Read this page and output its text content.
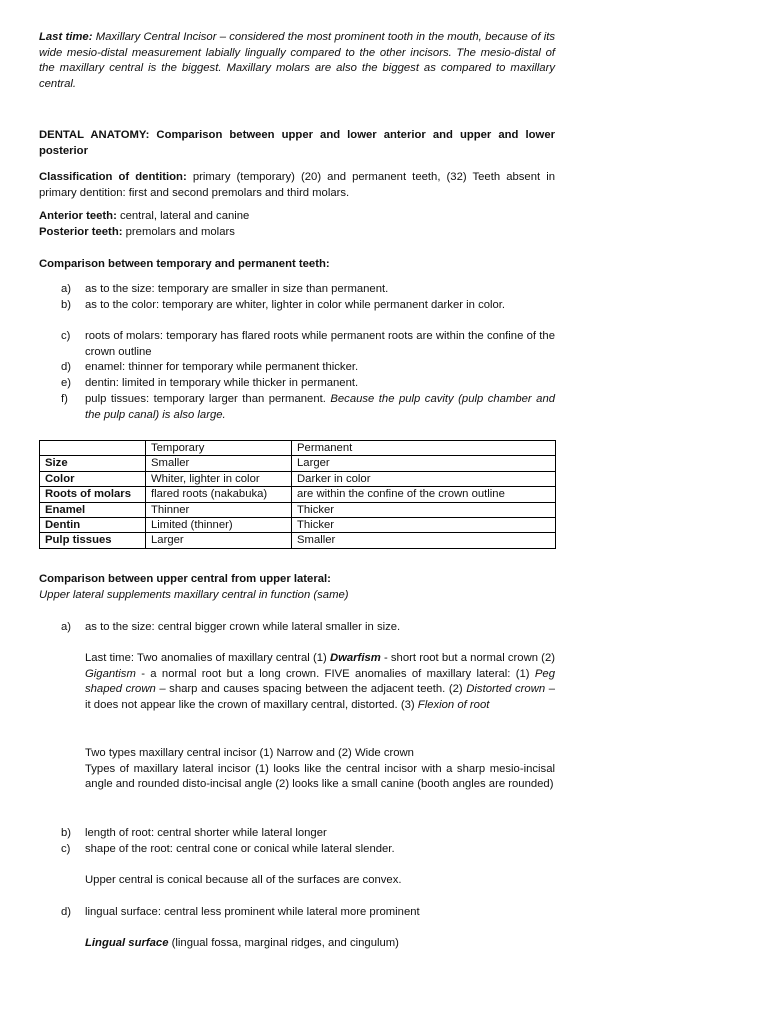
Last time: Maxillary Central Incisor – considered the most prominent tooth in the mouth, because of its wide mesio-distal measurement labially lingually compared to the other incisors. The mesio-distal of the maxillary central is the biggest. Maxillary molars are also the biggest as compared to maxillary central.

DENTAL ANATOMY: Comparison between upper and lower anterior and upper and lower posterior

Classification of dentition: primary (temporary) (20) and permanent teeth, (32) Teeth absent in primary dentition: first and second premolars and third molars.

Anterior teeth: central, lateral and canine

Posterior teeth: premolars and molars

Comparison between temporary and permanent teeth:

a) as to the size: temporary are smaller in size than permanent.

b) as to the color: temporary are whiter, lighter in color while permanent darker in color.

c) roots of molars: temporary has flared roots while permanent roots are within the confine of the crown outline

d) enamel: thinner for temporary while permanent thicker.

e) dentin: limited in temporary while thicker in permanent.

f) pulp tissues: temporary larger than permanent. Because the pulp cavity (pulp chamber and the pulp canal) is also large.

	Temporary	Permanent
Size	Smaller	Larger
Color	Whiter, lighter in color	Darker in color
Roots of molars	flared roots (nakabuka)	are within the confine of the crown outline
Enamel	Thinner	Thicker
Dentin	Limited (thinner)	Thicker
Pulp tissues	Larger	Smaller

Comparison between upper central from upper lateral:

Upper lateral supplements maxillary central in function (same)

a) as to the size: central bigger crown while lateral smaller in size.

Last time: Two anomalies of maxillary central (1) Dwarfism - short root but a normal crown (2) Gigantism - a normal root but a long crown. FIVE anomalies of maxillary lateral: (1) Peg shaped crown – sharp and causes spacing between the adjacent teeth. (2) Distorted crown – it does not appear like the crown of maxillary central, distorted. (3) Flexion of root

Two types maxillary central incisor (1) Narrow and (2) Wide crown

Types of maxillary lateral incisor (1) looks like the central incisor with a sharp mesio-incisal angle and rounded disto-incisal angle (2) looks like a small canine (booth angles are rounded)

b) length of root: central shorter while lateral longer

c) shape of the root: central cone or conical while lateral slender.

Upper central is conical because all of the surfaces are convex.

d) lingual surface: central less prominent while lateral more prominent

Lingual surface (lingual fossa, marginal ridges, and cingulum)
